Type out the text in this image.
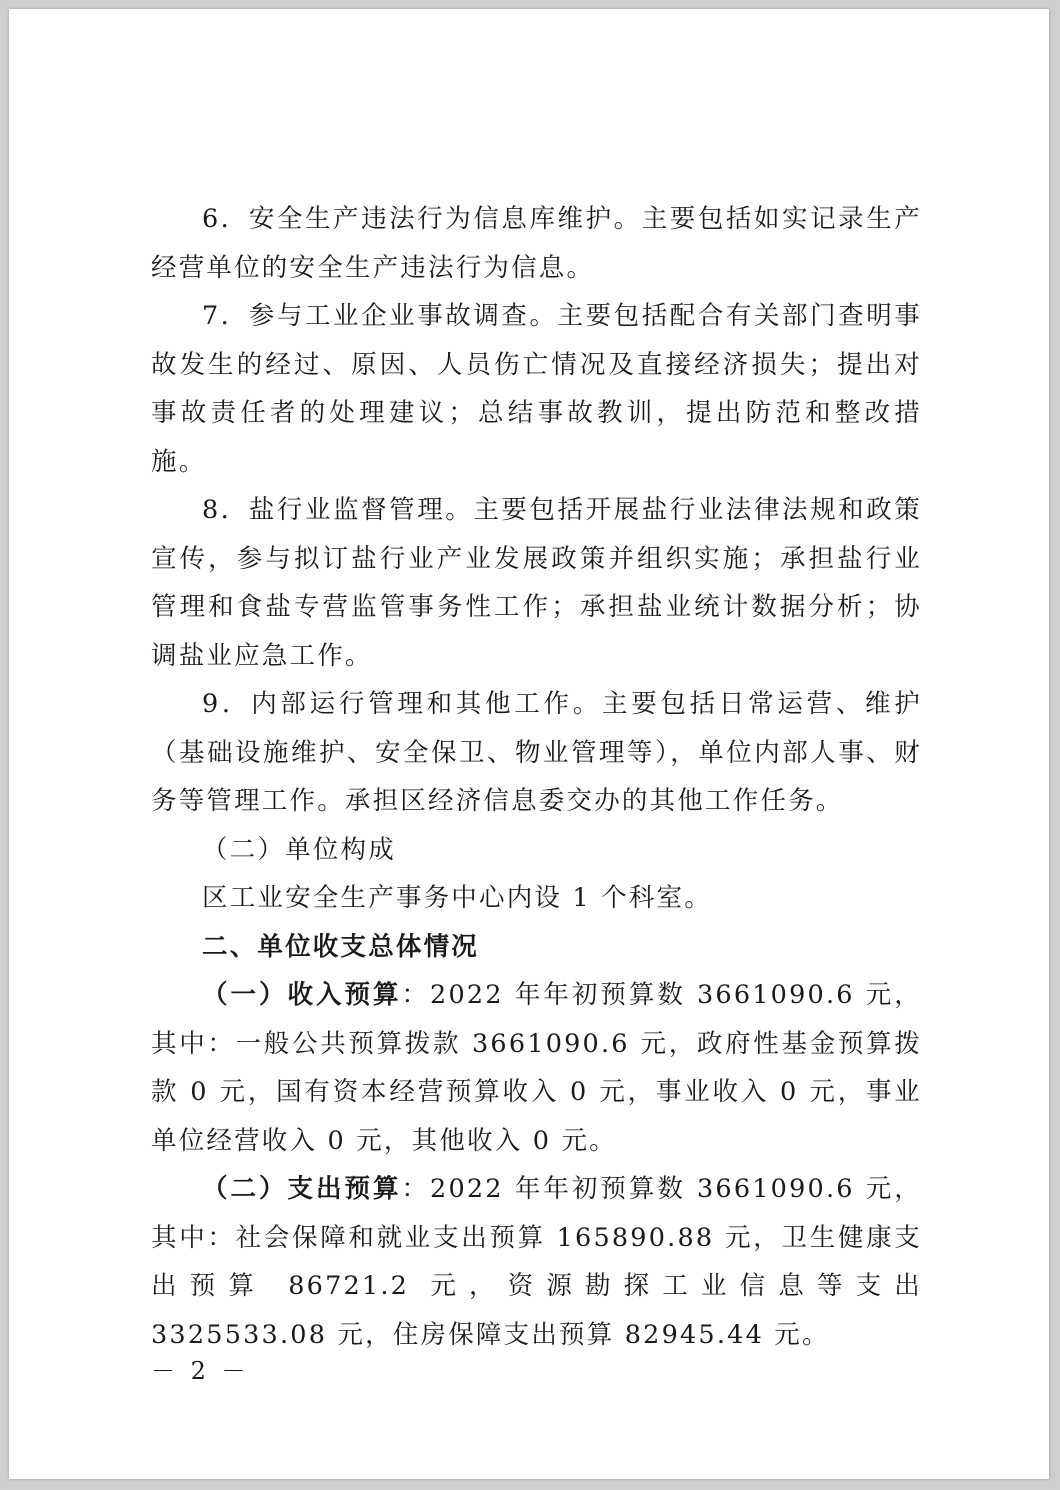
6．安全生产违法行为信息库维护。主要包括如实记录生产经营单位的安全生产违法行为信息。

7．参与工业企业事故调查。主要包括配合有关部门查明事故发生的经过、原因、人员伤亡情况及直接经济损失；提出对事故责任者的处理建议；总结事故教训，提出防范和整改措施。

8．盐行业监督管理。主要包括开展盐行业法律法规和政策宣传，参与拟订盐行业产业发展政策并组织实施；承担盐行业管理和食盐专营监管事务性工作；承担盐业统计数据分析；协调盐业应急工作。

9．内部运行管理和其他工作。主要包括日常运营、维护（基础设施维护、安全保卫、物业管理等），单位内部人事、财务等管理工作。承担区经济信息委交办的其他工作任务。

（二）单位构成

区工业安全生产事务中心内设 1 个科室。

二、单位收支总体情况

（一）收入预算：2022 年年初预算数 3661090.6 元，其中：一般公共预算拨款 3661090.6 元，政府性基金预算拨款 0 元，国有资本经营预算收入 0 元，事业收入 0 元，事业单位经营收入 0 元，其他收入 0 元。

（二）支出预算：2022 年年初预算数 3661090.6 元，其中：社会保障和就业支出预算 165890.88 元，卫生健康支出预算 86721.2 元，资源勘探工业信息等支出 3325533.08 元，住房保障支出预算 82945.44 元。

－ 2 －
